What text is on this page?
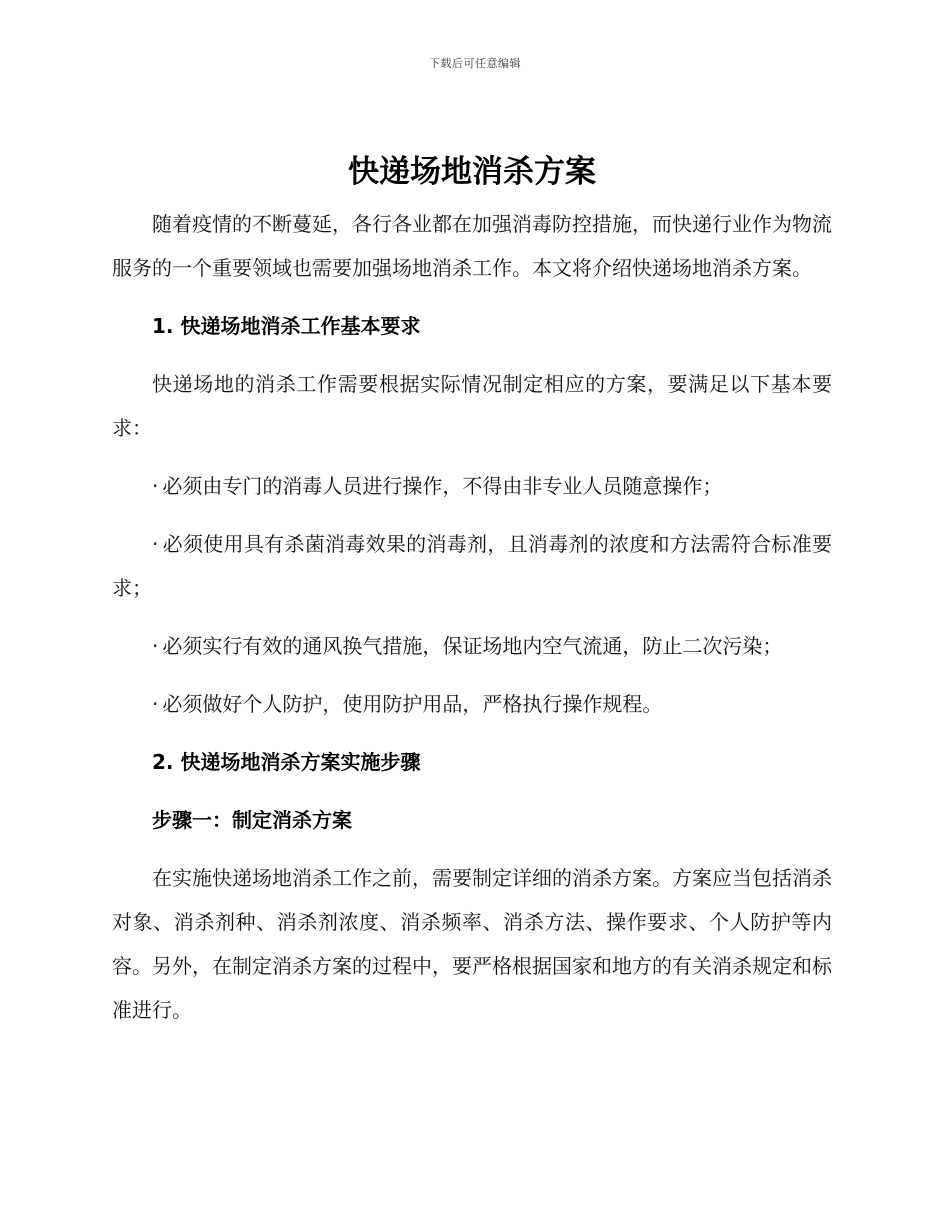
下载后可任意编辑
快递场地消杀方案

随着疫情的不断蔓延，各行各业都在加强消毒防控措施，而快递行业作为物流服务的一个重要领域也需要加强场地消杀工作。本文将介绍快递场地消杀方案。

1. 快递场地消杀工作基本要求

快递场地的消杀工作需要根据实际情况制定相应的方案，要满足以下基本要求：

· 必须由专门的消毒人员进行操作，不得由非专业人员随意操作；

· 必须使用具有杀菌消毒效果的消毒剂，且消毒剂的浓度和方法需符合标准要求；

· 必须实行有效的通风换气措施，保证场地内空气流通，防止二次污染；

· 必须做好个人防护，使用防护用品，严格执行操作规程。

2. 快递场地消杀方案实施步骤

步骤一：制定消杀方案

在实施快递场地消杀工作之前，需要制定详细的消杀方案。方案应当包括消杀对象、消杀剂种、消杀剂浓度、消杀频率、消杀方法、操作要求、个人防护等内容。另外，在制定消杀方案的过程中，要严格根据国家和地方的有关消杀规定和标准进行。
